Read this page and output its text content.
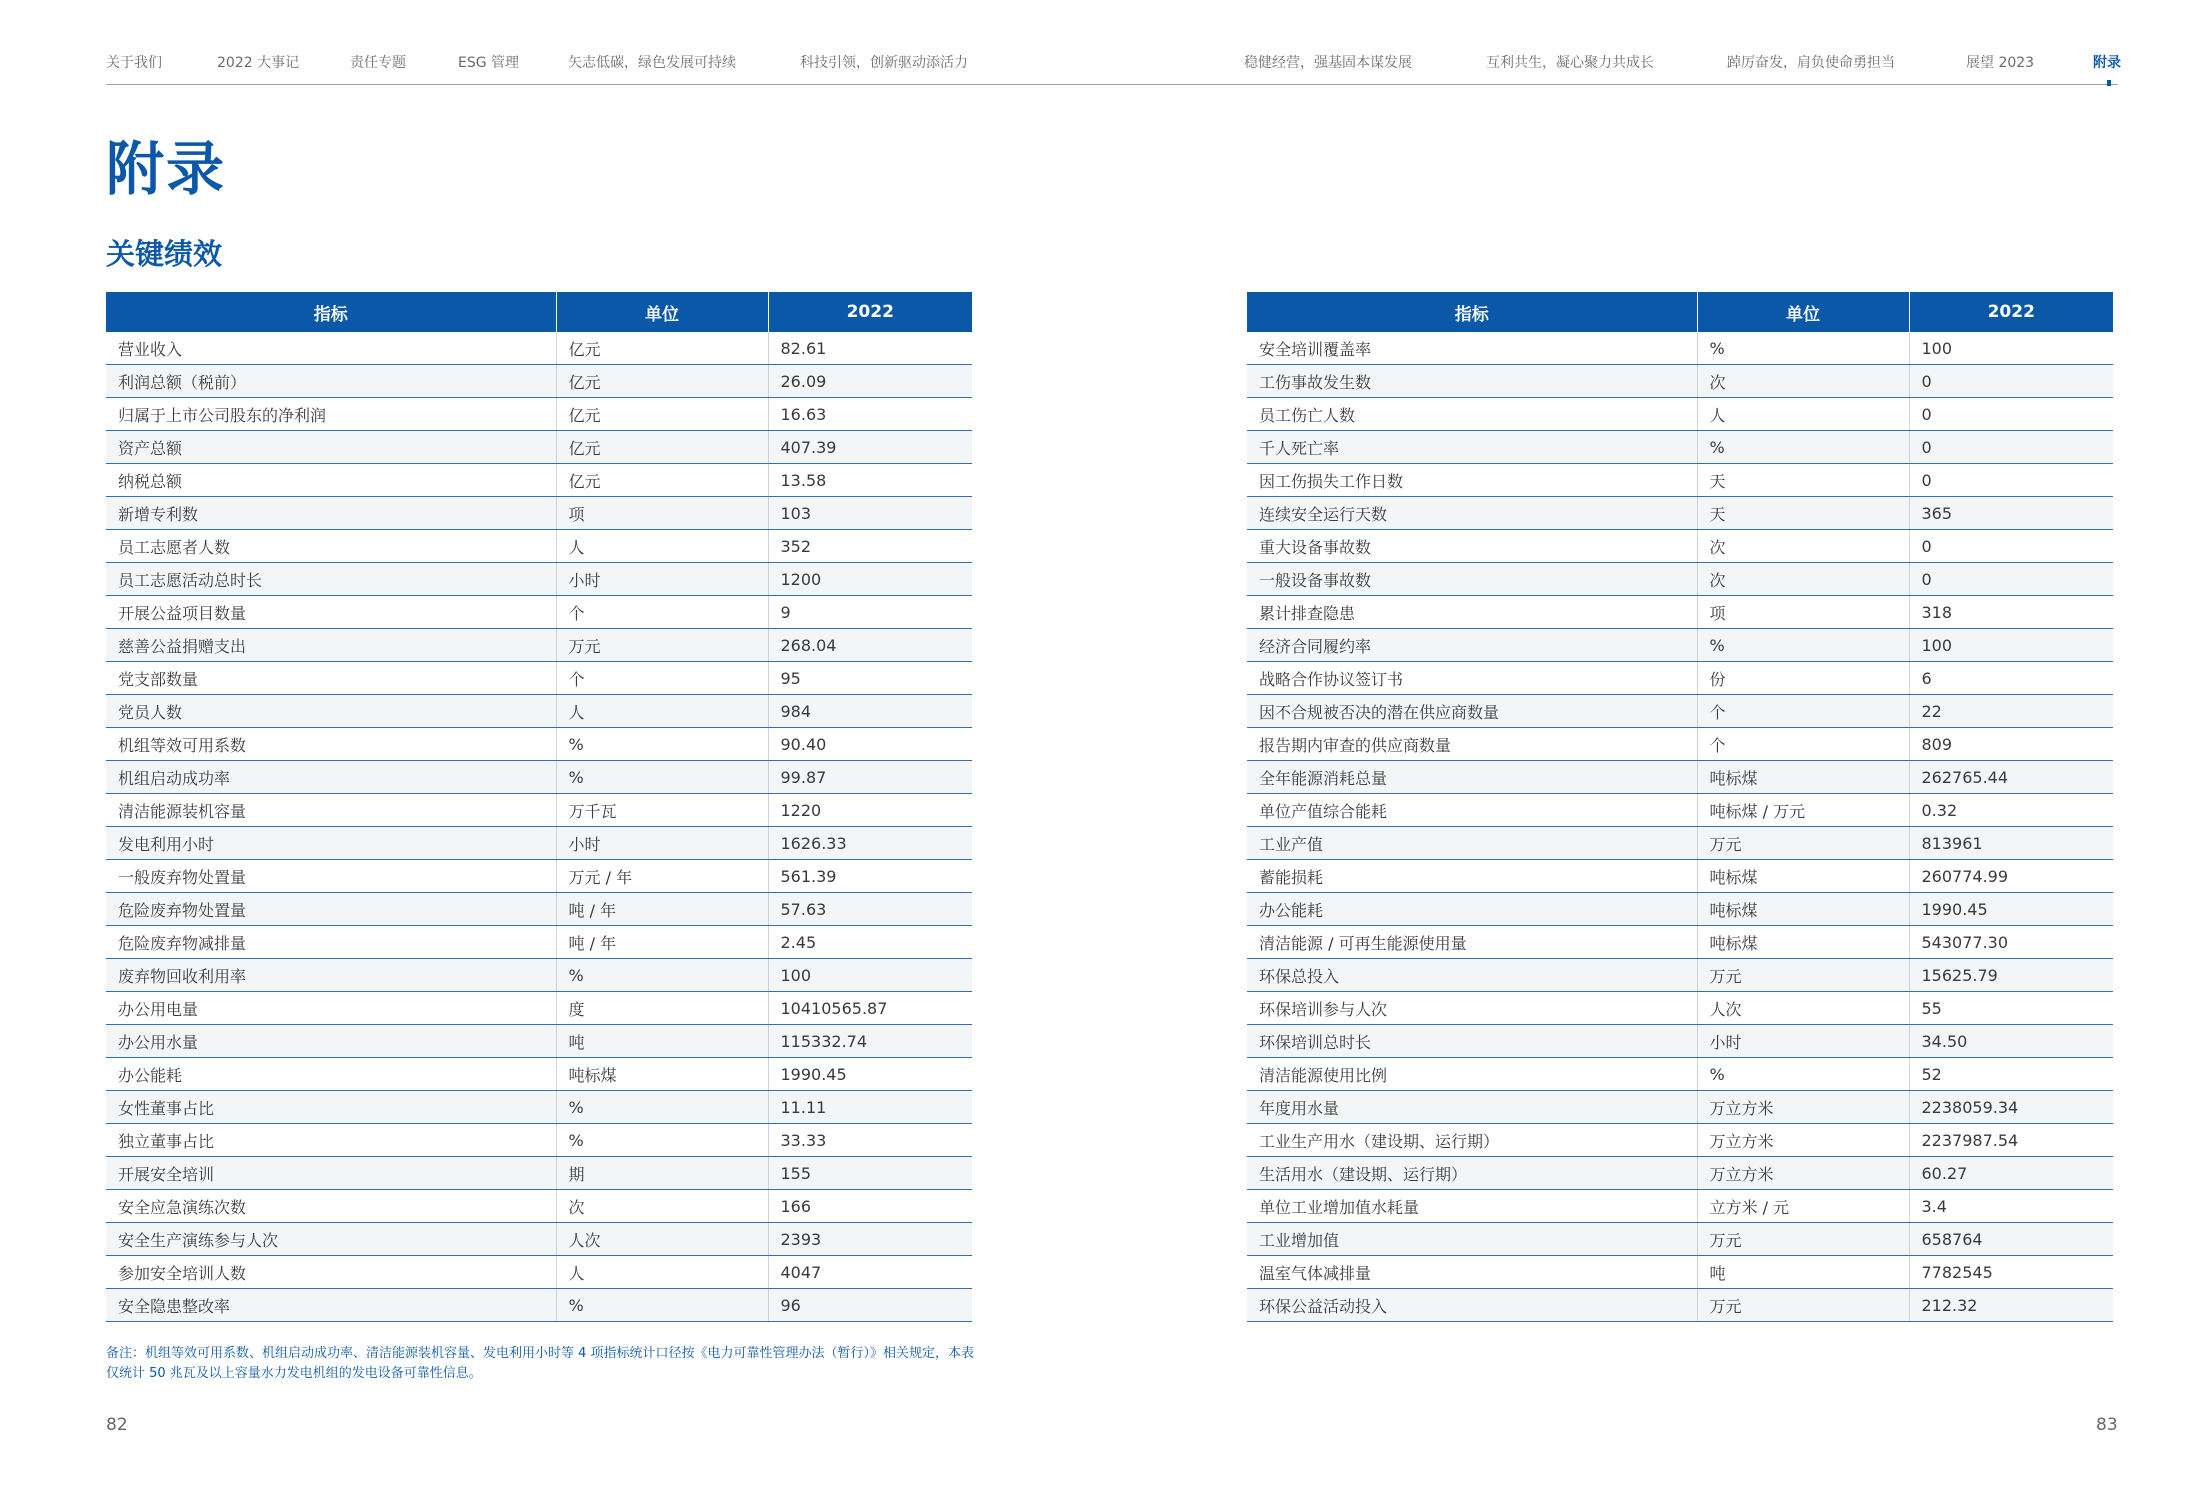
关于我们	2022 大事记	责任专题	ESG 管理	矢志低碳，绿色发展可持续	科技引领，创新驱动添活力	稳健经营，强基固本谋发展	互利共生，凝心聚力共成长	踔厉奋发，肩负使命勇担当	展望 2023	附录
附录
关键绩效
指标	单位	2022
营业收入	亿元	82.61
利润总额（税前）	亿元	26.09
归属于上市公司股东的净利润	亿元	16.63
资产总额	亿元	407.39
纳税总额	亿元	13.58
新增专利数	项	103
员工志愿者人数	人	352
员工志愿活动总时长	小时	1200
开展公益项目数量	个	9
慈善公益捐赠支出	万元	268.04
党支部数量	个	95
党员人数	人	984
机组等效可用系数	%	90.40
机组启动成功率	%	99.87
清洁能源装机容量	万千瓦	1220
发电利用小时	小时	1626.33
一般废弃物处置量	万元 / 年	561.39
危险废弃物处置量	吨 / 年	57.63
危险废弃物减排量	吨 / 年	2.45
废弃物回收利用率	%	100
办公用电量	度	10410565.87
办公用水量	吨	115332.74
办公能耗	吨标煤	1990.45
女性董事占比	%	11.11
独立董事占比	%	33.33
开展安全培训	期	155
安全应急演练次数	次	166
安全生产演练参与人次	人次	2393
参加安全培训人数	人	4047
安全隐患整改率	%	96
指标	单位	2022
安全培训覆盖率	%	100
工伤事故发生数	次	0
员工伤亡人数	人	0
千人死亡率	%	0
因工伤损失工作日数	天	0
连续安全运行天数	天	365
重大设备事故数	次	0
一般设备事故数	次	0
累计排查隐患	项	318
经济合同履约率	%	100
战略合作协议签订书	份	6
因不合规被否决的潜在供应商数量	个	22
报告期内审查的供应商数量	个	809
全年能源消耗总量	吨标煤	262765.44
单位产值综合能耗	吨标煤 / 万元	0.32
工业产值	万元	813961
蓄能损耗	吨标煤	260774.99
办公能耗	吨标煤	1990.45
清洁能源 / 可再生能源使用量	吨标煤	543077.30
环保总投入	万元	15625.79
环保培训参与人次	人次	55
环保培训总时长	小时	34.50
清洁能源使用比例	%	52
年度用水量	万立方米	2238059.34
工业生产用水（建设期、运行期）	万立方米	2237987.54
生活用水（建设期、运行期）	万立方米	60.27
单位工业增加值水耗量	立方米 / 元	3.4
工业增加值	万元	658764
温室气体减排量	吨	7782545
环保公益活动投入	万元	212.32

备注：机组等效可用系数、机组启动成功率、清洁能源装机容量、发电利用小时等 4 项指标统计口径按《电力可靠性管理办法（暂行）》相关规定，本表仅统计 50 兆瓦及以上容量水力发电机组的发电设备可靠性信息。

82	83
